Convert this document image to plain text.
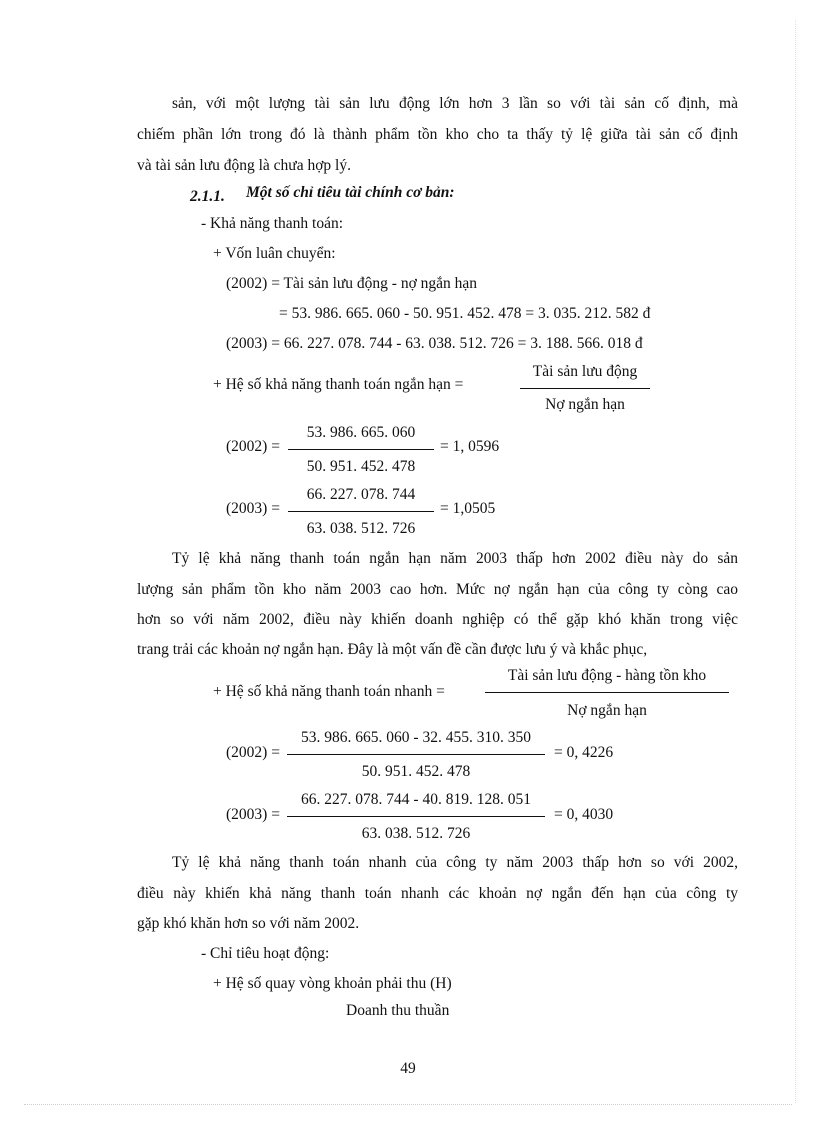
sản, với một lượng tài sản lưu động lớn hơn 3 lần so với tài sản cố định, mà
chiếm phần lớn trong đó là thành phẩm tồn kho cho ta thấy tỷ lệ giữa tài sản cố định
và tài sản lưu động là chưa hợp lý.
2.1.1. Một số chỉ tiêu tài chính cơ bản:
- Khả năng thanh toán:
+ Vốn luân chuyển:
(2002) = Tài sản lưu động - nợ ngắn hạn
= 53. 986. 665. 060 - 50. 951. 452. 478 = 3. 035. 212. 582 đ
(2003) = 66. 227. 078. 744 - 63. 038. 512. 726 = 3. 188. 566. 018 đ
+ Hệ số khả năng thanh toán ngắn hạn =
Tài sản lưu động
Nợ ngắn hạn
(2002) =
53. 986. 665. 060
50. 951. 452. 478
= 1, 0596
(2003) =
66. 227. 078. 744
63. 038. 512. 726
= 1,0505
Tỷ lệ khả năng thanh toán ngắn hạn năm 2003 thấp hơn 2002 điều này do sản
lượng sản phẩm tồn kho năm 2003 cao hơn. Mức nợ ngắn hạn của công ty còng cao
hơn so với năm 2002, điều này khiến doanh nghiệp có thể gặp khó khăn trong việc
trang trải các khoản nợ ngắn hạn. Đây là một vấn đề cần được lưu ý và khắc phục,
+ Hệ số khả năng thanh toán nhanh =
Tài sản lưu động - hàng tồn kho
Nợ ngắn hạn
(2002) =
53. 986. 665. 060 - 32. 455. 310. 350
50. 951. 452. 478
= 0, 4226
(2003) =
66. 227. 078. 744 - 40. 819. 128. 051
63. 038. 512. 726
= 0, 4030
Tỷ lệ khả năng thanh toán nhanh của công ty năm 2003 thấp hơn so với 2002,
điều này khiến khả năng thanh toán nhanh các khoản nợ ngắn đến hạn của công ty
gặp khó khăn hơn so với năm 2002.
- Chỉ tiêu hoạt động:
+ Hệ số quay vòng khoản phải thu (H)
Doanh thu thuần
49
